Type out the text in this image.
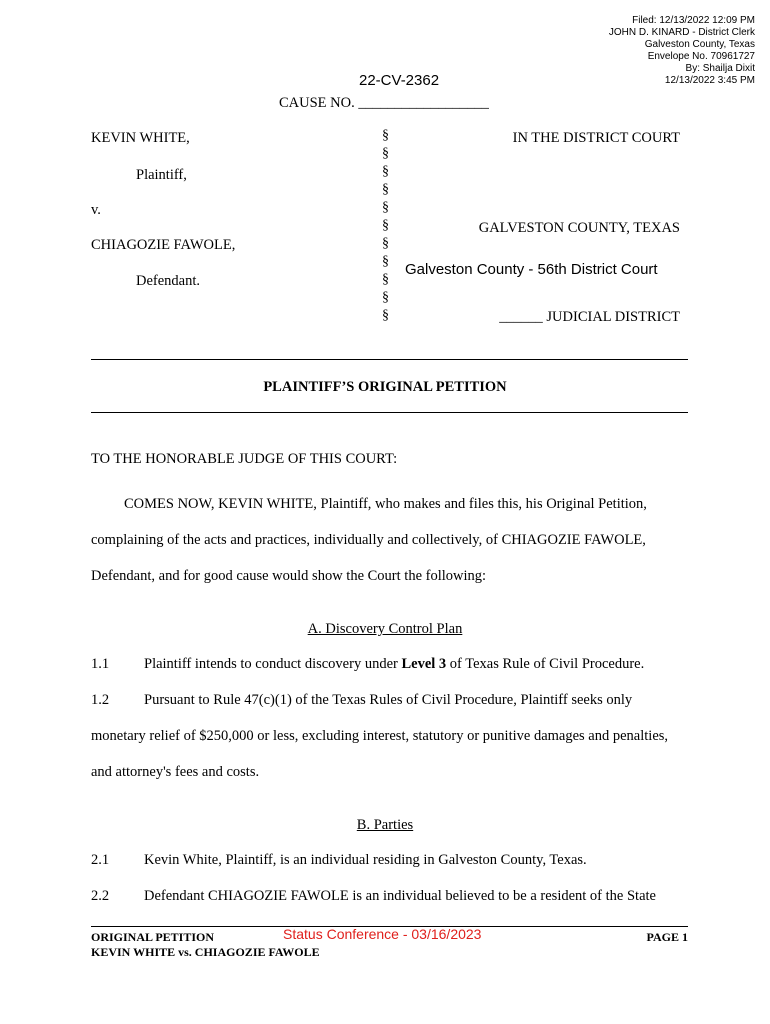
Filed: 12/13/2022 12:09 PM
JOHN D. KINARD - District Clerk
Galveston County, Texas
Envelope No. 70961727
By: Shailja Dixit
12/13/2022 3:45 PM
22-CV-2362
CAUSE NO. __________________
KEVIN WHITE,
Plaintiff,
v.
CHIAGOZIE FAWOLE,
Defendant.
§
§
§
§
§
§
§
§
§
§
§
IN THE DISTRICT COURT
GALVESTON COUNTY, TEXAS
Galveston County - 56th District Court
______ JUDICIAL DISTRICT
PLAINTIFF’S ORIGINAL PETITION
TO THE HONORABLE JUDGE OF THIS COURT:
COMES NOW, KEVIN WHITE, Plaintiff, who makes and files this, his Original Petition,
complaining of the acts and practices, individually and collectively, of CHIAGOZIE FAWOLE,
Defendant, and for good cause would show the Court the following:
A. Discovery Control Plan
1.1 Plaintiff intends to conduct discovery under Level 3 of Texas Rule of Civil Procedure.
1.2 Pursuant to Rule 47(c)(1) of the Texas Rules of Civil Procedure, Plaintiff seeks only
monetary relief of $250,000 or less, excluding interest, statutory or punitive damages and penalties,
and attorney's fees and costs.
B. Parties
2.1 Kevin White, Plaintiff, is an individual residing in Galveston County, Texas.
2.2 Defendant CHIAGOZIE FAWOLE is an individual believed to be a resident of the State
ORIGINAL PETITION
KEVIN WHITE vs. CHIAGOZIE FAWOLE
Status Conference - 03/16/2023	PAGE 1
